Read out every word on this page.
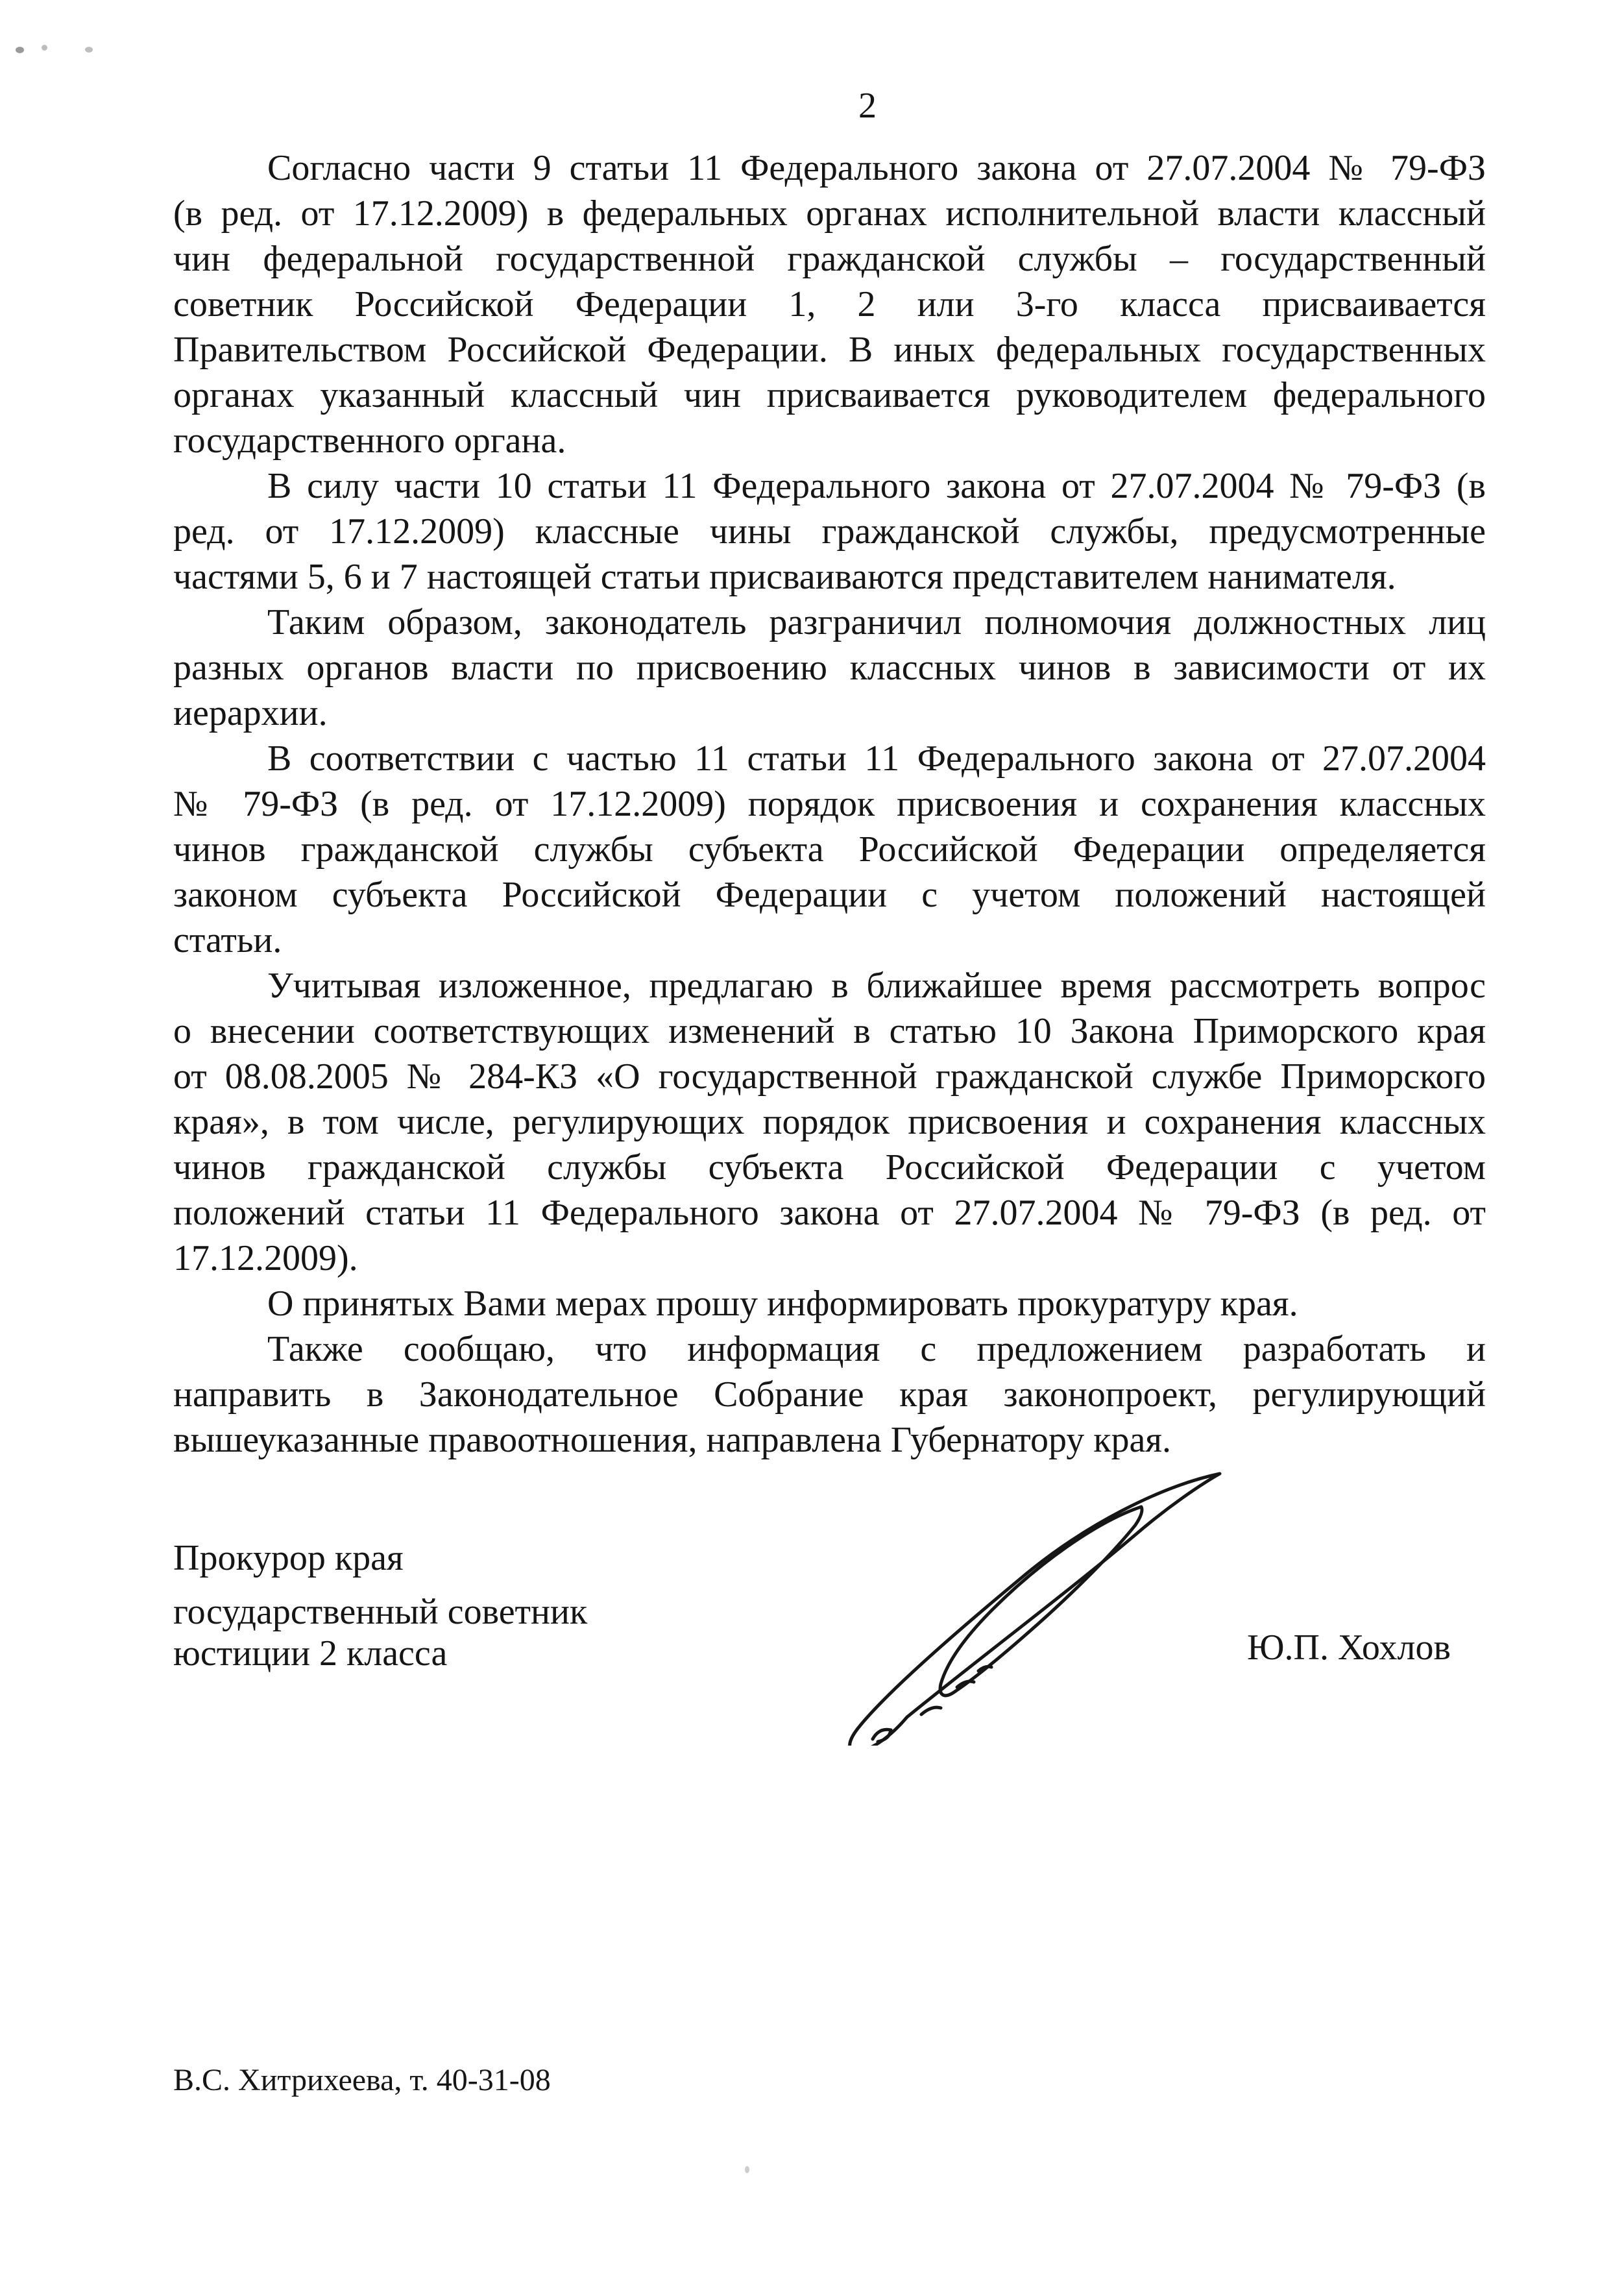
2
Согласно части 9 статьи 11 Федерального закона от 27.07.2004 № 79-ФЗ
(в ред. от 17.12.2009) в федеральных органах исполнительной власти классный
чин федеральной государственной гражданской службы – государственный
советник Российской Федерации 1, 2 или 3-го класса присваивается
Правительством Российской Федерации. В иных федеральных государственных
органах указанный классный чин присваивается руководителем федерального
государственного органа.
В силу части 10 статьи 11 Федерального закона от 27.07.2004 № 79-ФЗ (в
ред. от 17.12.2009) классные чины гражданской службы, предусмотренные
частями 5, 6 и 7 настоящей статьи присваиваются представителем нанимателя.
Таким образом, законодатель разграничил полномочия должностных лиц
разных органов власти по присвоению классных чинов в зависимости от их
иерархии.
В соответствии с частью 11 статьи 11 Федерального закона от 27.07.2004
№ 79-ФЗ (в ред. от 17.12.2009) порядок присвоения и сохранения классных
чинов гражданской службы субъекта Российской Федерации определяется
законом субъекта Российской Федерации с учетом положений настоящей
статьи.
Учитывая изложенное, предлагаю в ближайшее время рассмотреть вопрос
о внесении соответствующих изменений в статью 10 Закона Приморского края
от 08.08.2005 № 284-КЗ «О государственной гражданской службе Приморского
края», в том числе, регулирующих порядок присвоения и сохранения классных
чинов гражданской службы субъекта Российской Федерации с учетом
положений статьи 11 Федерального закона от 27.07.2004 № 79-ФЗ (в ред. от
17.12.2009).
О принятых Вами мерах прошу информировать прокуратуру края.
Также сообщаю, что информация с предложением разработать и
направить в Законодательное Собрание края законопроект, регулирующий
вышеуказанные правоотношения, направлена Губернатору края.
Прокурор края
государственный советник
юстиции 2 класса	Ю.П. Хохлов
В.С. Хитрихеева, т. 40-31-08
